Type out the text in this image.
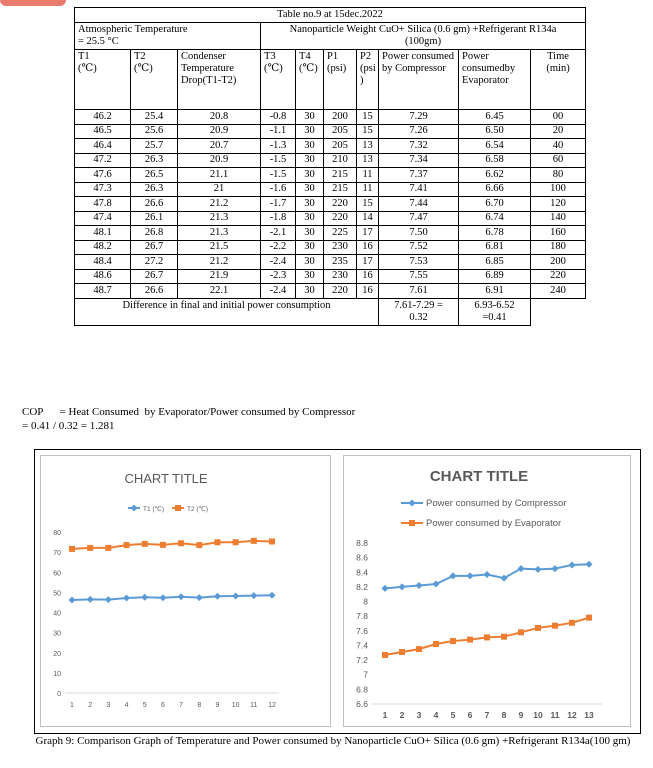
Table no.9 at 15dec.2022									
Atmospheric Temperature
= 25.5 °C			Nanoparticle Weight CuO+ Silica (0.6 gm) +Refrigerant R134a
(100gm)						
T1
(℃)	T2
(℃)	Condenser Temperature Drop(T1-T2)	T3
(℃)	T4
(℃)	P1
(psi)	P2
(psi
)	Power consumed by Compressor	Power consumedby Evaporator	Time
(min)
46.2	25.4	20.8	-0.8	30	200	15	7.29	6.45	00
46.5	25.6	20.9	-1.1	30	205	15	7.26	6.50	20
46.4	25.7	20.7	-1.3	30	205	13	7.32	6.54	40
47.2	26.3	20.9	-1.5	30	210	13	7.34	6.58	60
47.6	26.5	21.1	-1.5	30	215	11	7.37	6.62	80
47.3	26.3	21	-1.6	30	215	11	7.41	6.66	100
47.8	26.6	21.2	-1.7	30	220	15	7.44	6.70	120
47.4	26.1	21.3	-1.8	30	220	14	7.47	6.74	140
48.1	26.8	21.3	-2.1	30	225	17	7.50	6.78	160
48.2	26.7	21.5	-2.2	30	230	16	7.52	6.81	180
48.4	27.2	21.2	-2.4	30	235	17	7.53	6.85	200
48.6	26.7	21.9	-2.3	30	230	16	7.55	6.89	220
48.7	26.6	22.1	-2.4	30	220	16	7.61	6.91	240
Difference in final and initial power consumption							7.61-7.29 =
0.32	6.93-6.52
=0.41	
COP      = Heat Consumed  by Evaporator/Power consumed by Compressor
= 0.41 / 0.32 = 1.281
CHART TITLE
T1 (℃)	T2 (℃)
0
10
20
30
40
50
60
70
80
1 2 3 4 5 6 7 8 9 10 11 12
CHART TITLE
Power consumed by Compressor
Power consumed by Evaporator
6.6
6.8
7
7.2
7.4
7.6
7.8
8
8.2
8.4
8.6
8.8
1 2 3 4 5 6 7 8 9 10 11 12 13
Graph 9: Comparison Graph of Temperature and Power consumed by Nanoparticle CuO+ Silica (0.6 gm) +Refrigerant R134a(100 gm)
